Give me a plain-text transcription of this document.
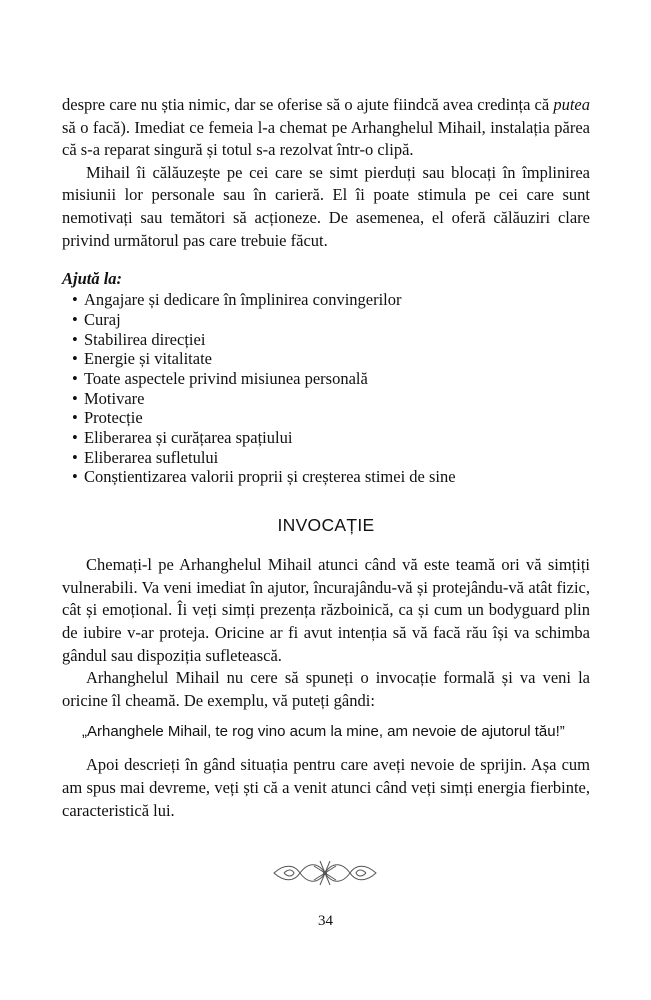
despre care nu știa nimic, dar se oferise să o ajute fiindcă avea credința că putea să o facă). Imediat ce femeia l-a chemat pe Arhanghelul Mihail, instalația părea că s-a reparat singură și totul s-a rezolvat într-o clipă.

Mihail îi călăuzește pe cei care se simt pierduți sau blocați în împlinirea misiunii lor personale sau în carieră. El îi poate stimula pe cei care sunt nemotivați sau temători să acționeze. De asemenea, el oferă călăuziri clare privind următorul pas care trebuie făcut.

Ajută la:
• Angajare și dedicare în împlinirea convingerilor
• Curaj
• Stabilirea direcției
• Energie și vitalitate
• Toate aspectele privind misiunea personală
• Motivare
• Protecție
• Eliberarea și curățarea spațiului
• Eliberarea sufletului
• Conștientizarea valorii proprii și creșterea stimei de sine
INVOCAȚIE

Chemați-l pe Arhanghelul Mihail atunci când vă este teamă ori vă simțiți vulnerabili. Va veni imediat în ajutor, încurajându-vă și protejându-vă atât fizic, cât și emoțional. Îi veți simți prezența războinică, ca și cum un bodyguard plin de iubire v-ar proteja. Oricine ar fi avut intenția să vă facă rău își va schimba gândul sau dispoziția sufletească.

Arhanghelul Mihail nu cere să spuneți o invocație formală și va veni la oricine îl cheamă. De exemplu, vă puteți gândi:

„Arhanghele Mihail, te rog vino acum la mine, am nevoie de ajutorul tău!”

Apoi descrieți în gând situația pentru care aveți nevoie de sprijin. Așa cum am spus mai devreme, veți ști că a venit atunci când veți simți energia fierbinte, caracteristică lui.

34
